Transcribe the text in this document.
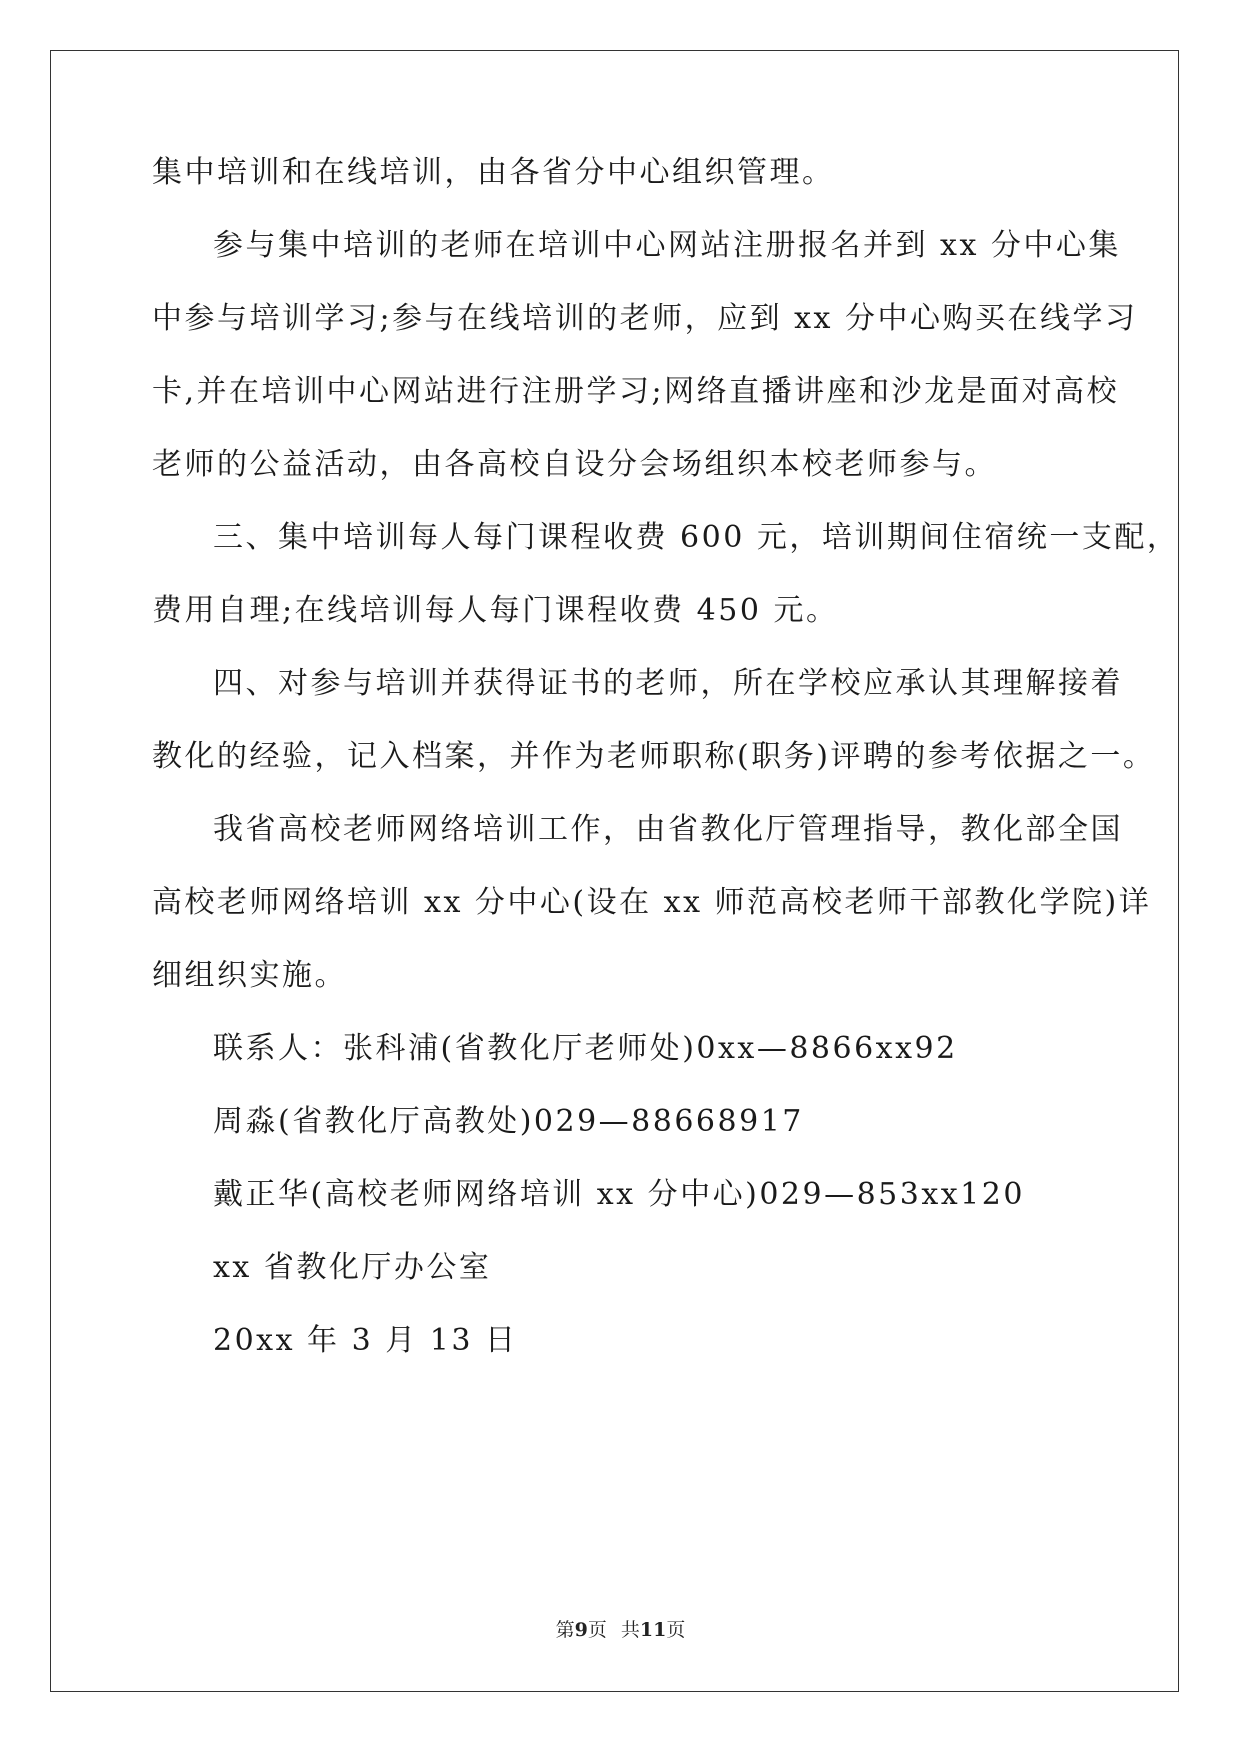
集中培训和在线培训，由各省分中心组织管理。
参与集中培训的老师在培训中心网站注册报名并到 xx 分中心集
中参与培训学习;参与在线培训的老师，应到 xx 分中心购买在线学习
卡,并在培训中心网站进行注册学习;网络直播讲座和沙龙是面对高校
老师的公益活动，由各高校自设分会场组织本校老师参与。
三、集中培训每人每门课程收费 600 元，培训期间住宿统一支配，
费用自理;在线培训每人每门课程收费 450 元。
四、对参与培训并获得证书的老师，所在学校应承认其理解接着
教化的经验，记入档案，并作为老师职称(职务)评聘的参考依据之一。
我省高校老师网络培训工作，由省教化厅管理指导，教化部全国
高校老师网络培训 xx 分中心(设在 xx 师范高校老师干部教化学院)详
细组织实施。
联系人：张科浦(省教化厅老师处)0xx—8866xx92
周淼(省教化厅高教处)029—88668917
戴正华(高校老师网络培训 xx 分中心)029—853xx120
xx 省教化厅办公室
20xx 年 3 月 13 日
第9页 共11页
